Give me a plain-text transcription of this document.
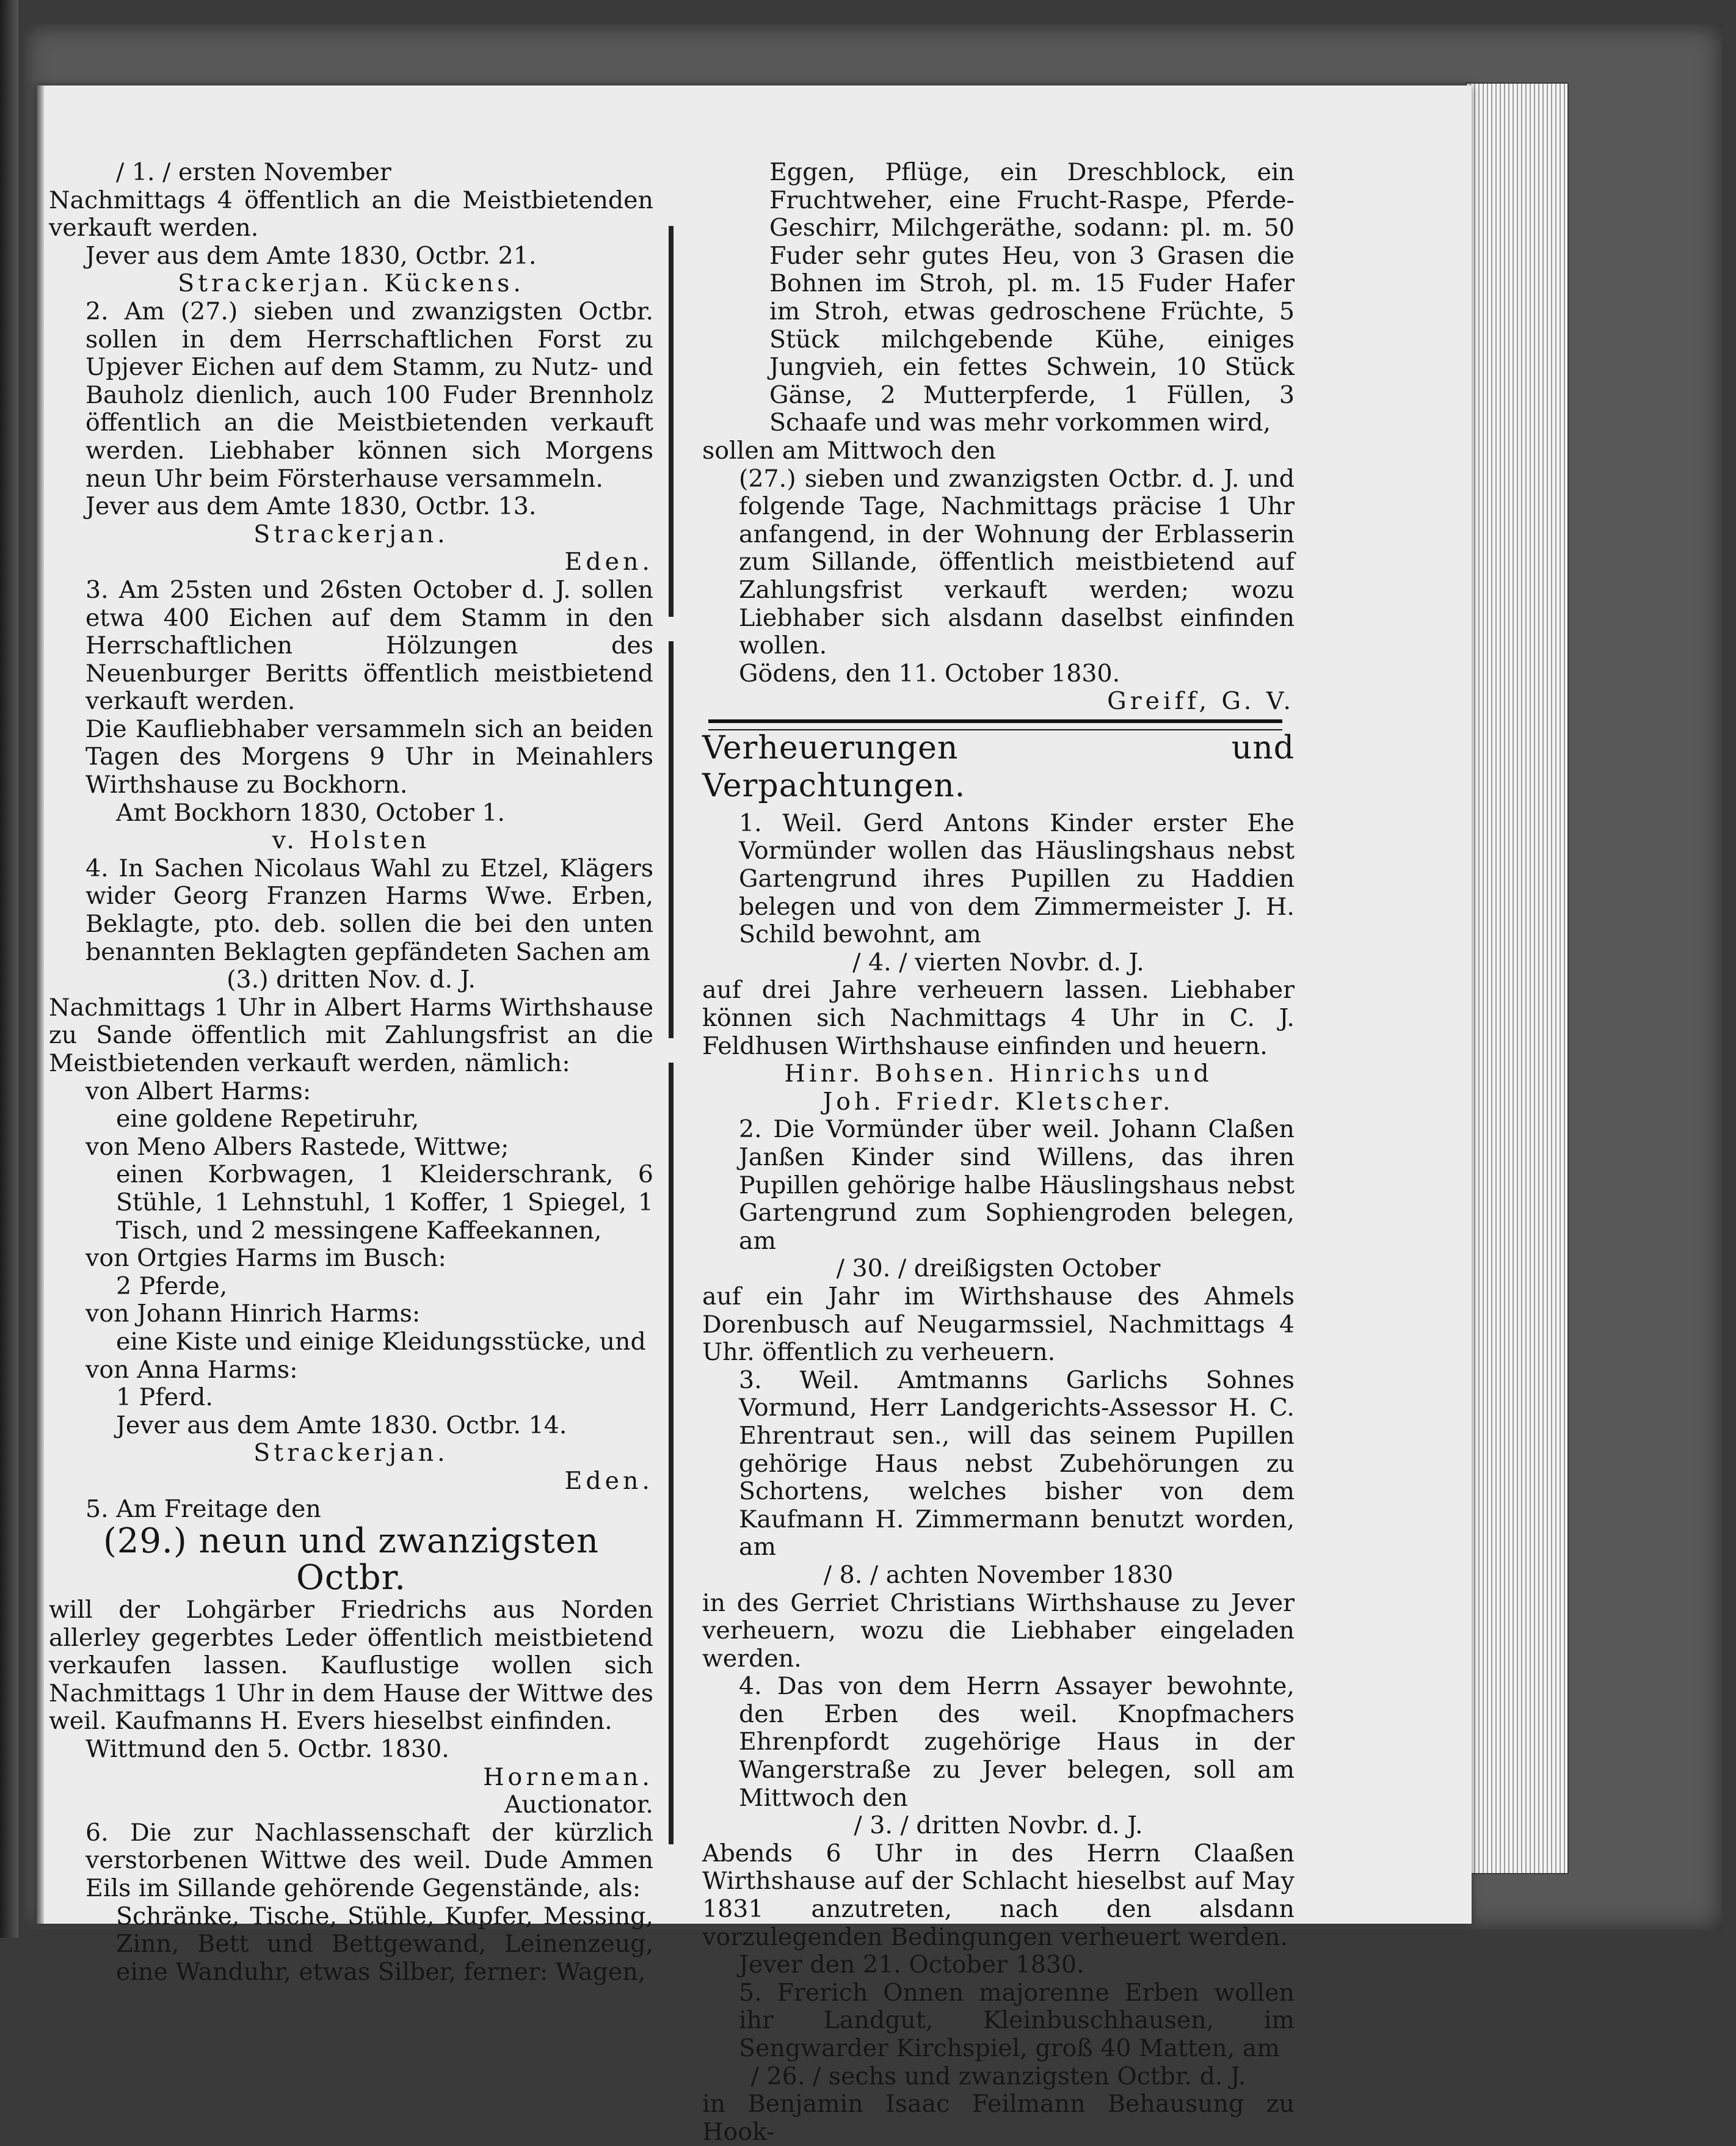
/ 1. / ersten November

Nachmittags 4 öffentlich an die Meistbietenden verkauft werden.

Jever aus dem Amte 1830, Octbr. 21.

Strackerjan. Kückens.

2. Am (27.) sieben und zwanzigsten Octbr. sollen in dem Herrschaftlichen Forst zu Upjever Eichen auf dem Stamm, zu Nutz- und Bauholz dienlich, auch 100 Fuder Brennholz öffentlich an die Meistbietenden verkauft werden. Liebhaber können sich Morgens neun Uhr beim Försterhause versammeln.

Jever aus dem Amte 1830, Octbr. 13.

Strackerjan.

Eden.

3. Am 25sten und 26sten October d. J. sollen etwa 400 Eichen auf dem Stamm in den Herrschaftlichen Hölzungen des Neuenburger Beritts öffentlich meistbietend verkauft werden.

Die Kaufliebhaber versammeln sich an beiden Tagen des Morgens 9 Uhr in Meinahlers Wirthshause zu Bockhorn.

Amt Bockhorn 1830, October 1.

v. Holsten

4. In Sachen Nicolaus Wahl zu Etzel, Klägers wider Georg Franzen Harms Wwe. Erben, Beklagte, pto. deb. sollen die bei den unten benannten Beklagten gepfändeten Sachen am

(3.) dritten Nov. d. J.

Nachmittags 1 Uhr in Albert Harms Wirthshause zu Sande öffentlich mit Zahlungsfrist an die Meistbietenden verkauft werden, nämlich:

von Albert Harms:

eine goldene Repetiruhr,

von Meno Albers Rastede, Wittwe;

einen Korbwagen, 1 Kleiderschrank, 6 Stühle, 1 Lehnstuhl, 1 Koffer, 1 Spiegel, 1 Tisch, und 2 messingene Kaffeekannen,

von Ortgies Harms im Busch:

2 Pferde,

von Johann Hinrich Harms:

eine Kiste und einige Kleidungsstücke, und

von Anna Harms:

1 Pferd.

Jever aus dem Amte 1830. Octbr. 14.

Strackerjan.

Eden.

5. Am Freitage den

(29.) neun und zwanzigsten Octbr.

will der Lohgärber Friedrichs aus Norden allerley gegerbtes Leder öffentlich meistbietend verkaufen lassen. Kauflustige wollen sich Nachmittags 1 Uhr in dem Hause der Wittwe des weil. Kaufmanns H. Evers hieselbst einfinden.

Wittmund den 5. Octbr. 1830.

Horneman.

Auctionator.

6. Die zur Nachlassenschaft der kürzlich verstorbenen Wittwe des weil. Dude Ammen Eils im Sillande gehörende Gegenstände, als:

Schränke, Tische, Stühle, Kupfer, Messing, Zinn, Bett und Bettgewand, Leinenzeug, eine Wanduhr, etwas Silber, ferner: Wagen,

Eggen, Pflüge, ein Dreschblock, ein Fruchtweher, eine Frucht-Raspe, Pferde-Geschirr, Milchgeräthe, sodann: pl. m. 50 Fuder sehr gutes Heu, von 3 Grasen die Bohnen im Stroh, pl. m. 15 Fuder Hafer im Stroh, etwas gedroschene Früchte, 5 Stück milchgebende Kühe, einiges Jungvieh, ein fettes Schwein, 10 Stück Gänse, 2 Mutterpferde, 1 Füllen, 3 Schaafe und was mehr vorkommen wird,

sollen am Mittwoch den

(27.) sieben und zwanzigsten Octbr. d. J. und folgende Tage, Nachmittags präcise 1 Uhr anfangend, in der Wohnung der Erblasserin zum Sillande, öffentlich meistbietend auf Zahlungsfrist verkauft werden; wozu Liebhaber sich alsdann daselbst einfinden wollen.

Gödens, den 11. October 1830.

Greiff, G. V.

Verheuerungen und Verpachtungen.

1. Weil. Gerd Antons Kinder erster Ehe Vormünder wollen das Häuslingshaus nebst Gartengrund ihres Pupillen zu Haddien belegen und von dem Zimmermeister J. H. Schild bewohnt, am

/ 4. / vierten Novbr. d. J.

auf drei Jahre verheuern lassen. Liebhaber können sich Nachmittags 4 Uhr in C. J. Feldhusen Wirthshause einfinden und heuern.

Hinr. Bohsen. Hinrichs und

Joh. Friedr. Kletscher.

2. Die Vormünder über weil. Johann Claßen Janßen Kinder sind Willens, das ihren Pupillen gehörige halbe Häuslingshaus nebst Gartengrund zum Sophiengroden belegen, am

/ 30. / dreißigsten October

auf ein Jahr im Wirthshause des Ahmels Dorenbusch auf Neugarmssiel, Nachmittags 4 Uhr. öffentlich zu verheuern.

3. Weil. Amtmanns Garlichs Sohnes Vormund, Herr Landgerichts-Assessor H. C. Ehrentraut sen., will das seinem Pupillen gehörige Haus nebst Zubehörungen zu Schortens, welches bisher von dem Kaufmann H. Zimmermann benutzt worden, am

/ 8. / achten November 1830

in des Gerriet Christians Wirthshause zu Jever verheuern, wozu die Liebhaber eingeladen werden.

4. Das von dem Herrn Assayer bewohnte, den Erben des weil. Knopfmachers Ehrenpfordt zugehörige Haus in der Wangerstraße zu Jever belegen, soll am Mittwoch den

/ 3. / dritten Novbr. d. J.

Abends 6 Uhr in des Herrn Claaßen Wirthshause auf der Schlacht hieselbst auf May 1831 anzutreten, nach den alsdann vorzulegenden Bedingungen verheuert werden.

Jever den 21. October 1830.

5. Frerich Onnen majorenne Erben wollen ihr Landgut, Kleinbuschhausen, im Sengwarder Kirchspiel, groß 40 Matten, am

/ 26. / sechs und zwanzigsten Octbr. d. J.

in Benjamin Isaac Feilmann Behausung zu Hook-
